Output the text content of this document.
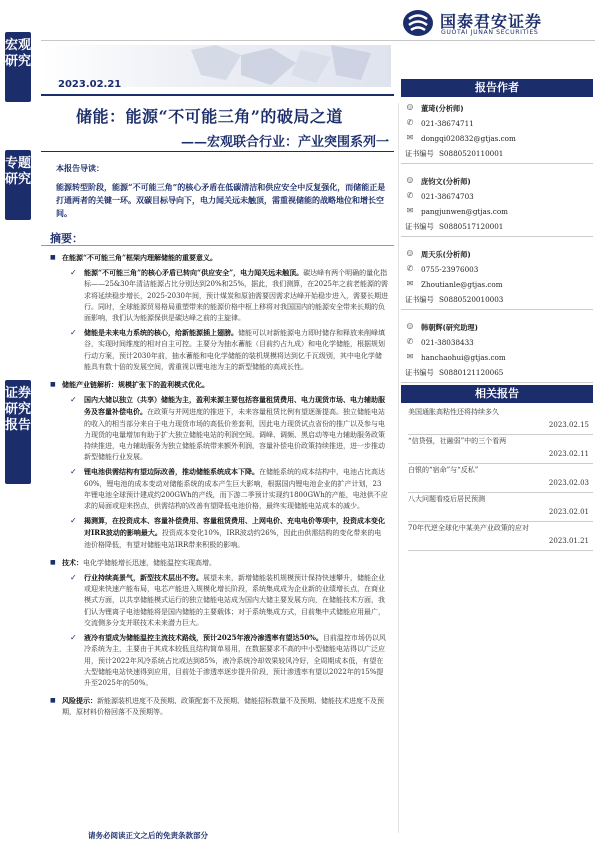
宏观研究
专题研究
证券研究报告
国泰君安证券
GUOTAI JUNAN SECURITIES
2023.02.21
储能：能源“不可能三角”的破局之道
——宏观联合行业：产业突围系列一
本报告导读：
能源转型阶段，能源“不可能三角”的核心矛盾在低碳清洁和供应安全中反复强化，而储能正是打通两者的关键一环。双碳目标导向下，电力闻关远未触顶，需重视储能的战略地位和增长空间。
摘要：

■ 在能源“不可能三角”框架内理解储能的重要意义。

✓ 能源“不可能三角”的核心矛盾已转向“供应安全”，电力闻关远未触顶。碳达峰有两个明确的量化指标——25&30年清洁能源占比分别达到20%和25%，据此，我们测算，在2025年之前老能源的需求将延续稳步增长，2025-2030年间，预计煤炭和原油需要因需求达峰开始稳步进入，需要长期进行。同时，全球能源贸易格局重塑带来的能源价格中枢上移将对我国国内的能源安全带来长期的负面影响，我们认为能源保供是碳达峰之前的主旋律。

✓ 储能是未来电力系统的核心，给新能源插上翅膀。储能可以对新能源电力即时储存和释放来削峰填谷，实现时间维度的相对自主可控。主要分为抽水蓄能（目前约占九成）和电化学储能，根据规划行动方案，预计2030年前，抽水蓄能和电化学储能的装机规模将达到亿千瓦级别，其中电化学储能具有数十倍的发展空间，需重视以锂电池为主的新型储能的高成长性。

■ 储能产业链解析：规模扩张下的盈利模式优化。

✓ 国内大储以独立（共享）储能为主，盈利来源主要包括容量租赁费用、电力现货市场、电力辅助服务及容量补偿电价。在政策与并网进度的推进下，未来容量租赁比例有望逐渐提高。独立储能电站的收入的相当部分来自于电力现货市场的高低价差套利，因此电力现货试点省份的推广以及参与电力现货的电量增加有助于扩大独立储能电站的利润空间。调峰、调频、黑启动等电力辅助服务政策持续推进，电力辅助服务为独立储能系统带来额外利润，容量补偿电价政策持续推进，进一步推动新型储能行业发展。

✓ 锂电池供需结构有望边际改善，推动储能系统成本下降。在储能系统的成本结构中，电池占比高达60%，锂电池的成本变动对储能系统的成本产生巨大影响，根据国内锂电池企业的扩产计划，23年锂电池全球预计建成约200GWh的产线，而下游二季预计实现约1800GWh的产能，电池供不应求的局面或迎来拐点，供需结构的改善有望降低电池价格，最终实现储能电站成本的减少。

✓ 揭测算，在投资成本、容量补偿费用、容量租赁费用、上网电价、充电电价等项中，投资成本变化对IRR波动的影响最大。投资成本变化10%，IRR波动约26%，因此由供需结构的变化带来的电池价格降低，有望对储能电站IRR带来积极的影响。

■ 技术：电化学储能增长迅速，储能温控实现高增。

✓ 行业持续高景气，新型技术层出不穷。展望未来，新增储能装机规模预计保持快速攀升，储能企业或迎来快速产能布局，电芯产能进入规模化增长阶段，系统集成成为企业新的业绩增长点，在商业模式方面，以共享储能模式运行的独立储能电站成为国内大储主要发展方向，在储能技术方面，我们认为锂离子电池储能将是国内储能的主要载体；对于系统集成方式，目前集中式储能应用最广，交流侧多分支并联技术未来潜力巨大。

✓ 液冷有望成为储能温控主流技术路线，预计2025年液冷渗透率有望达50%。目前温控市场仍以风冷系统为主，主要由于其成本较低且结构简单易用，在数据要求不高的中小型储能电站得以广泛应用，预计2022年风冷系统占比或达到85%，液冷系统冷却效果较风冷好，全周期成本低，有望在大型储能电站快速得到应用，目前处于渗透率逐步提升阶段，预计渗透率有望以2022年的15%提升至2025年的50%。

■ 风险提示：新能源装机进度不及预期、政策配套不及预期、储能招标数量不及预期、储能技术进度不及预期，原材料价格回落不及预期等。

请务必阅读正文之后的免责条款部分
报告作者
☺ 董琦(分析师)
✆ 021-38674711
✉ dongqi020832@gtjas.com
证书编号 S0880520110001
☺ 庞钧文(分析师)
✆ 021-38674703
✉ pangjunwen@gtjas.com
证书编号 S0880517120001
☺ 周天乐(分析师)
✆ 0755-23976003
✉ Zhoutianle@gtjas.com
证书编号 S0880520010003
☺ 韩朝辉(研究助理)
✆ 021-38038433
✉ hanchaohui@gtjas.com
证书编号 S0880121120065
相关报告
美国通胀高粘性还将持续多久
2023.02.15
“信贷强，社融弱”中的三个看两
2023.02.11
白银的“宿命”与“反私”
2023.02.03
八大问题看疫后居民预测
2023.02.01
70年代逆全球化中某美产业政策的应对
2023.01.21
